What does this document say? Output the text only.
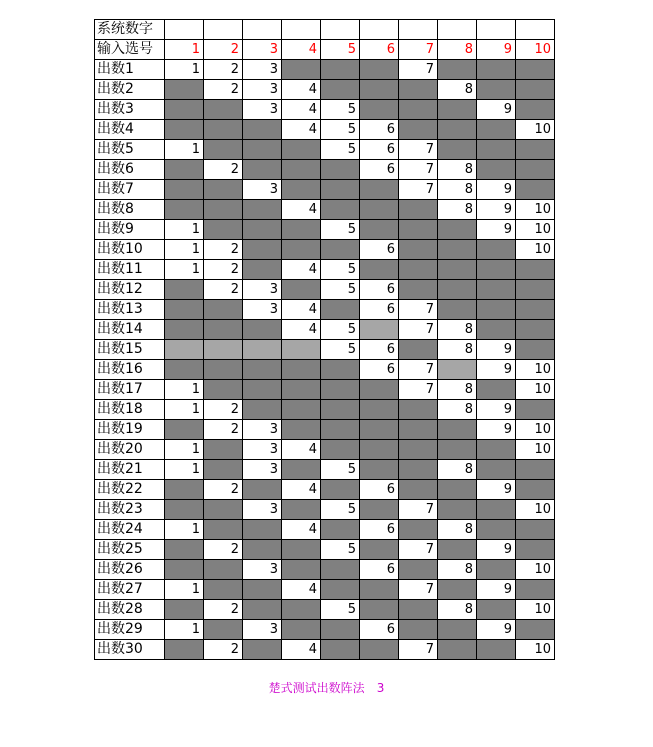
系统数字										
输入选号	1	2	3	4	5	6	7	8	9	10
出数1	1	2	3				7			
出数2		2	3	4				8		
出数3			3	4	5				9	
出数4				4	5	6				10
出数5	1				5	6	7			
出数6		2				6	7	8		
出数7			3				7	8	9	
出数8				4				8	9	10
出数9	1				5				9	10
出数10	1	2				6				10
出数11	1	2		4	5					
出数12		2	3		5	6				
出数13			3	4		6	7			
出数14				4	5		7	8		
出数15					5	6		8	9	
出数16						6	7		9	10
出数17	1						7	8		10
出数18	1	2						8	9	
出数19		2	3						9	10
出数20	1		3	4						10
出数21	1		3		5			8		
出数22		2		4		6			9	
出数23			3		5		7			10
出数24	1			4		6		8		
出数25		2			5		7		9	
出数26			3			6		8		10
出数27	1			4			7		9	
出数28		2			5			8		10
出数29	1		3			6			9	
出数30		2		4			7			10
楚式测试出数阵法 3
